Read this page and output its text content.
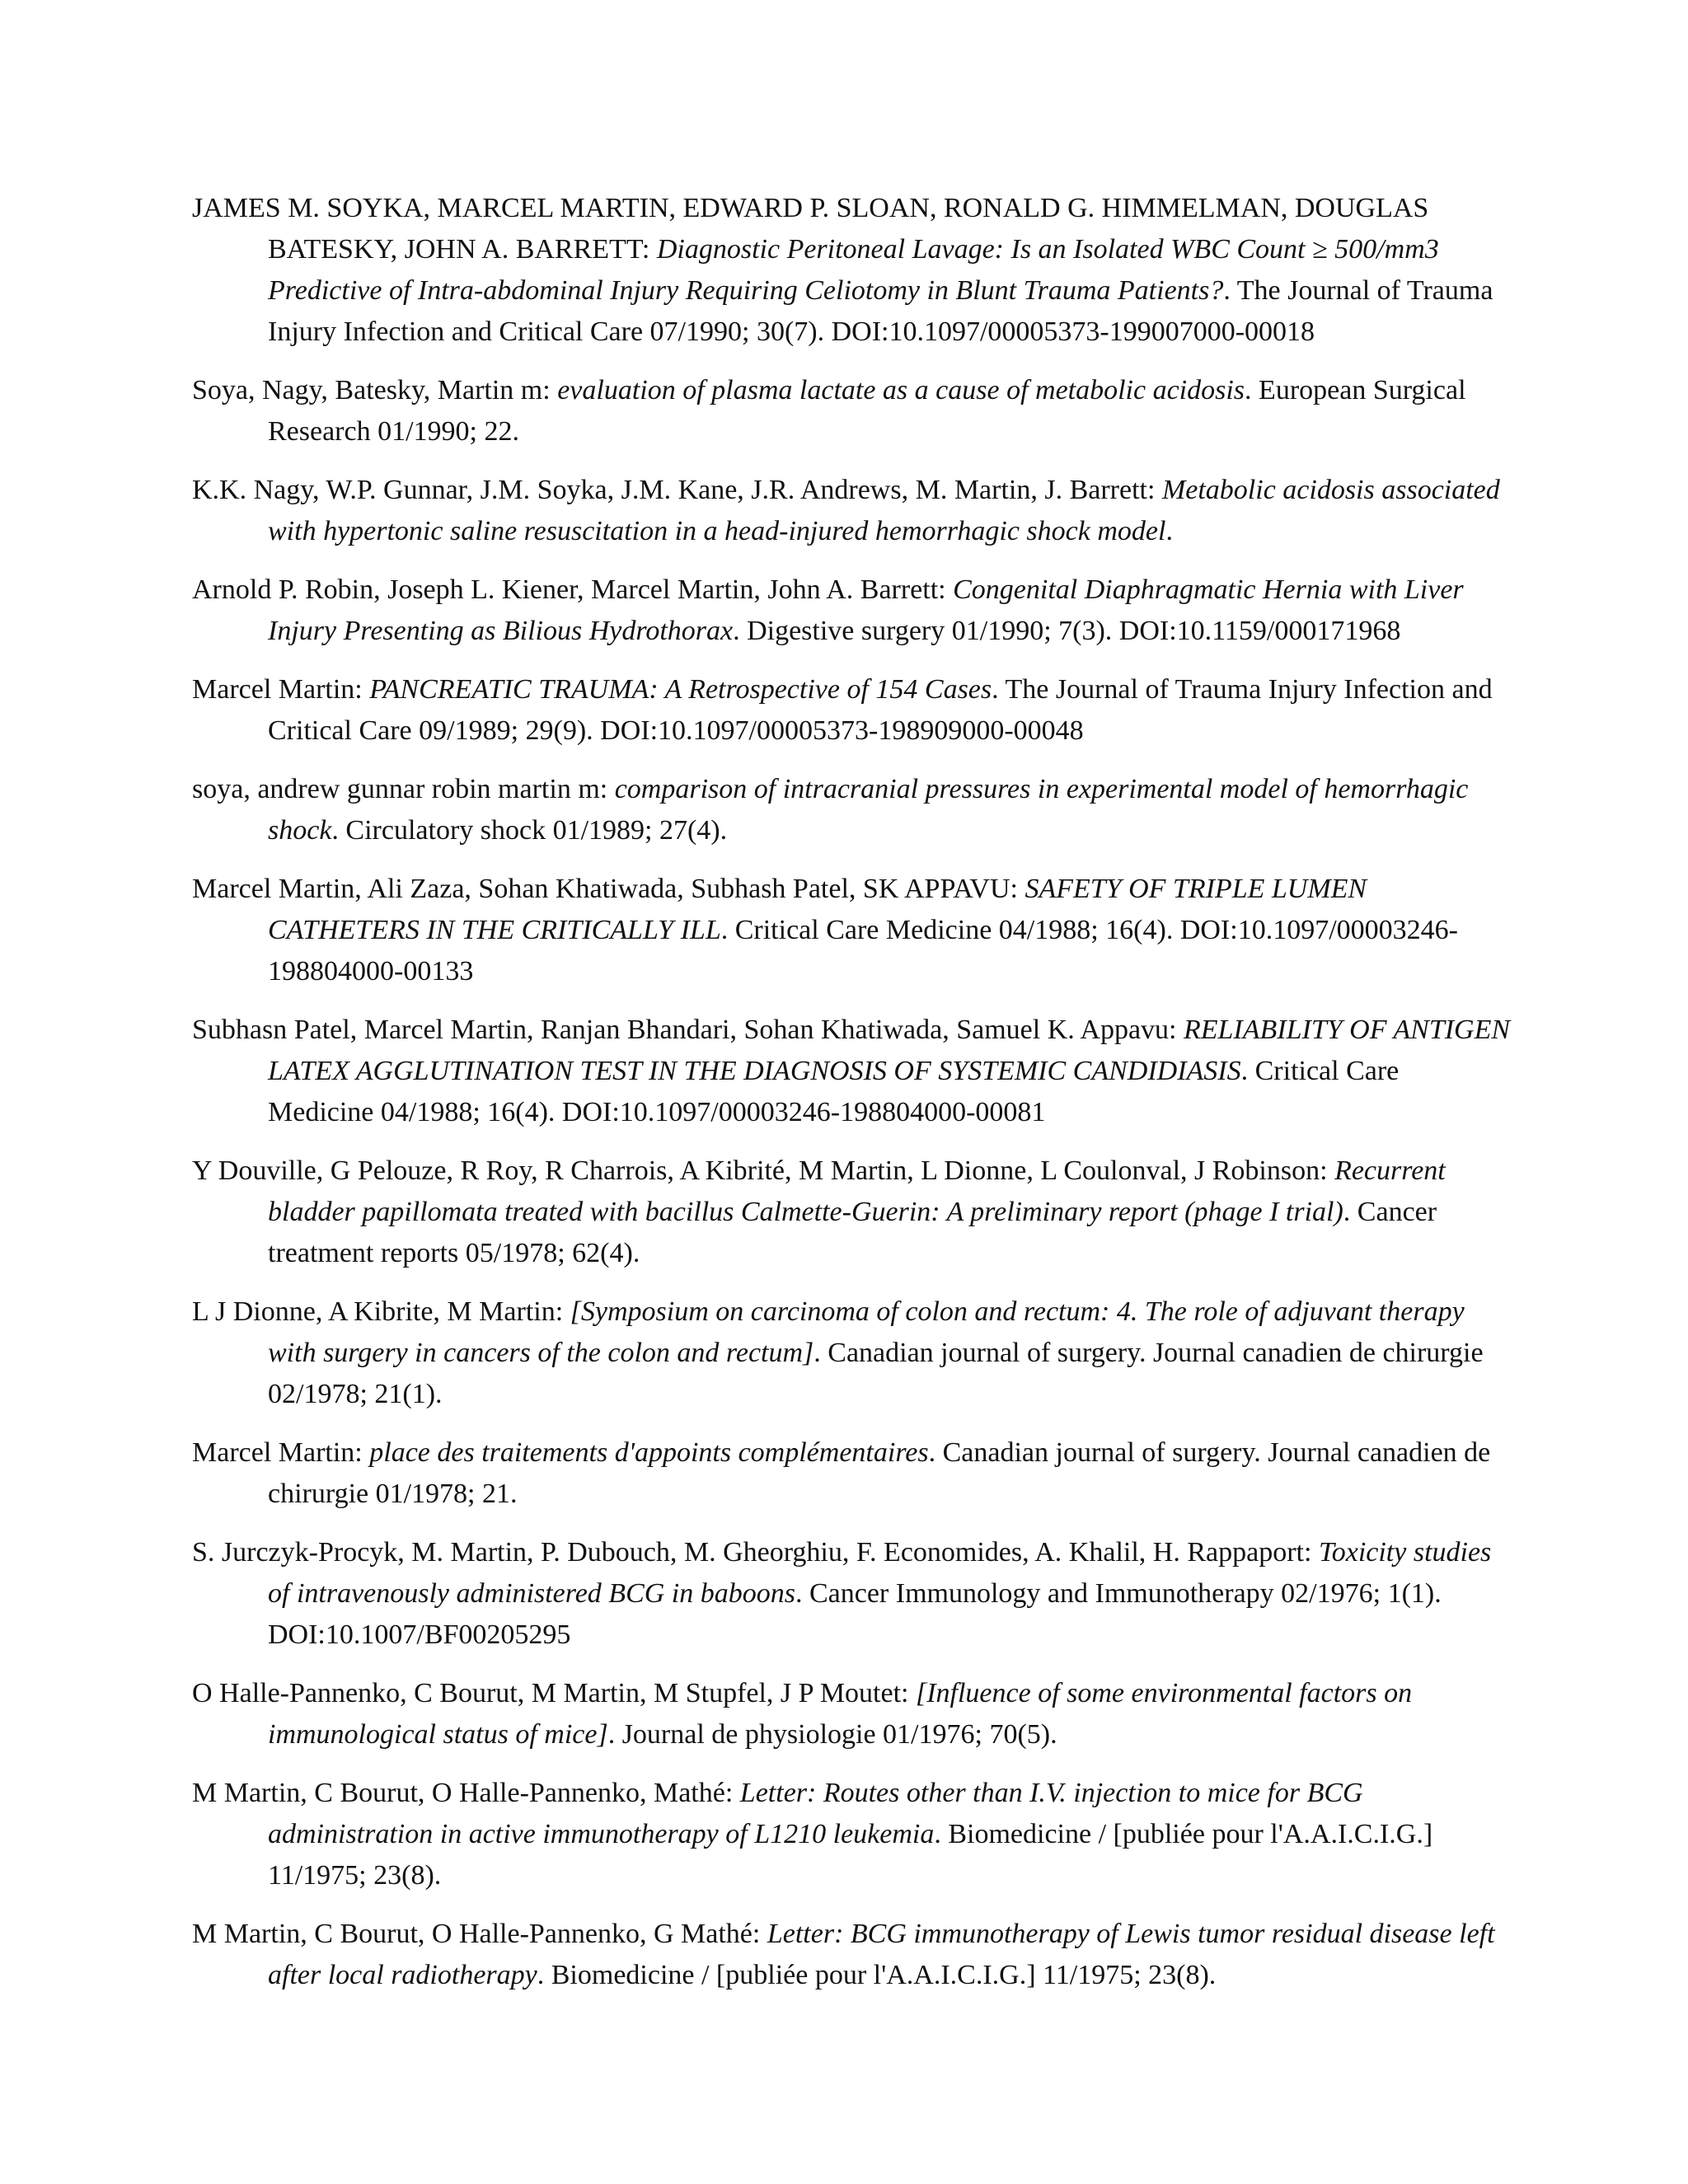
JAMES M. SOYKA, MARCEL MARTIN, EDWARD P. SLOAN, RONALD G. HIMMELMAN, DOUGLAS BATESKY, JOHN A. BARRETT: Diagnostic Peritoneal Lavage: Is an Isolated WBC Count ≥ 500/mm3 Predictive of Intra-abdominal Injury Requiring Celiotomy in Blunt Trauma Patients?. The Journal of Trauma Injury Infection and Critical Care 07/1990; 30(7). DOI:10.1097/00005373-199007000-00018

Soya, Nagy, Batesky, Martin m: evaluation of plasma lactate as a cause of metabolic acidosis. European Surgical Research 01/1990; 22.

K.K. Nagy, W.P. Gunnar, J.M. Soyka, J.M. Kane, J.R. Andrews, M. Martin, J. Barrett: Metabolic acidosis associated with hypertonic saline resuscitation in a head-injured hemorrhagic shock model.

Arnold P. Robin, Joseph L. Kiener, Marcel Martin, John A. Barrett: Congenital Diaphragmatic Hernia with Liver Injury Presenting as Bilious Hydrothorax. Digestive surgery 01/1990; 7(3). DOI:10.1159/000171968

Marcel Martin: PANCREATIC TRAUMA: A Retrospective of 154 Cases. The Journal of Trauma Injury Infection and Critical Care 09/1989; 29(9). DOI:10.1097/00005373-198909000-00048

soya, andrew gunnar robin martin m: comparison of intracranial pressures in experimental model of hemorrhagic shock. Circulatory shock 01/1989; 27(4).

Marcel Martin, Ali Zaza, Sohan Khatiwada, Subhash Patel, SK APPAVU: SAFETY OF TRIPLE LUMEN CATHETERS IN THE CRITICALLY ILL. Critical Care Medicine 04/1988; 16(4). DOI:10.1097/00003246-198804000-00133

Subhasn Patel, Marcel Martin, Ranjan Bhandari, Sohan Khatiwada, Samuel K. Appavu: RELIABILITY OF ANTIGEN LATEX AGGLUTINATION TEST IN THE DIAGNOSIS OF SYSTEMIC CANDIDIASIS. Critical Care Medicine 04/1988; 16(4). DOI:10.1097/00003246-198804000-00081

Y Douville, G Pelouze, R Roy, R Charrois, A Kibrité, M Martin, L Dionne, L Coulonval, J Robinson: Recurrent bladder papillomata treated with bacillus Calmette-Guerin: A preliminary report (phage I trial). Cancer treatment reports 05/1978; 62(4).

L J Dionne, A Kibrite, M Martin: [Symposium on carcinoma of colon and rectum: 4. The role of adjuvant therapy with surgery in cancers of the colon and rectum]. Canadian journal of surgery. Journal canadien de chirurgie 02/1978; 21(1).

Marcel Martin: place des traitements d'appoints complémentaires. Canadian journal of surgery. Journal canadien de chirurgie 01/1978; 21.

S. Jurczyk-Procyk, M. Martin, P. Dubouch, M. Gheorghiu, F. Economides, A. Khalil, H. Rappaport: Toxicity studies of intravenously administered BCG in baboons. Cancer Immunology and Immunotherapy 02/1976; 1(1). DOI:10.1007/BF00205295

O Halle-Pannenko, C Bourut, M Martin, M Stupfel, J P Moutet: [Influence of some environmental factors on immunological status of mice]. Journal de physiologie 01/1976; 70(5).

M Martin, C Bourut, O Halle-Pannenko, Mathé: Letter: Routes other than I.V. injection to mice for BCG administration in active immunotherapy of L1210 leukemia. Biomedicine / [publiée pour l'A.A.I.C.I.G.] 11/1975; 23(8).

M Martin, C Bourut, O Halle-Pannenko, G Mathé: Letter: BCG immunotherapy of Lewis tumor residual disease left after local radiotherapy. Biomedicine / [publiée pour l'A.A.I.C.I.G.] 11/1975; 23(8).
